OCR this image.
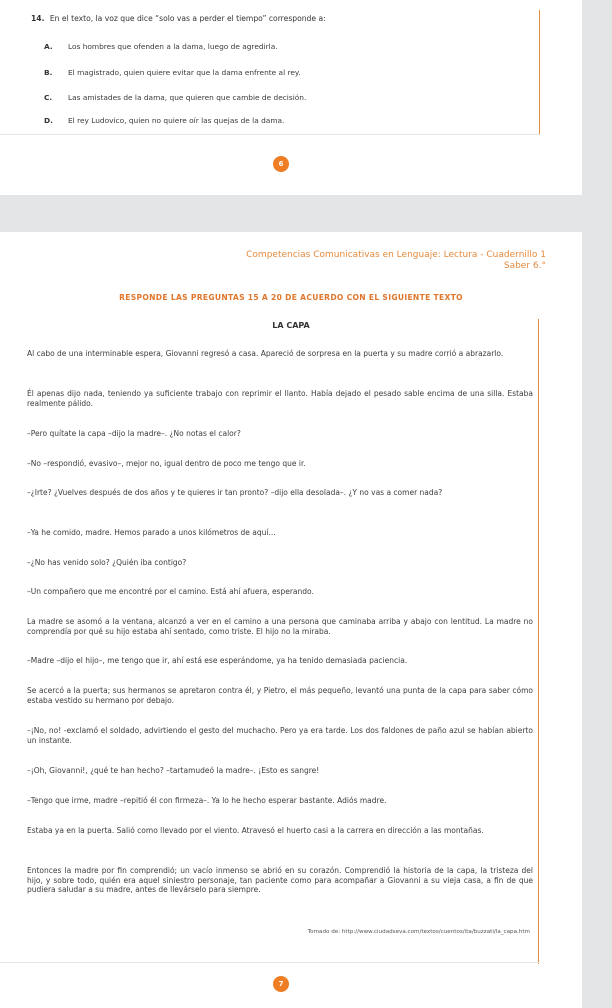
14. En el texto, la voz que dice “solo vas a perder el tiempo” corresponde a:
A. Los hombres que ofenden a la dama, luego de agredirla.
B. El magistrado, quien quiere evitar que la dama enfrente al rey.
C. Las amistades de la dama, que quieren que cambie de decisión.
D. El rey Ludovico, quien no quiere oír las quejas de la dama.
6
Competencias Comunicativas en Lenguaje: Lectura - Cuadernillo 1
Saber 6.°
RESPONDE LAS PREGUNTAS 15 A 20 DE ACUERDO CON EL SIGUIENTE TEXTO
LA CAPA
Al cabo de una interminable espera, Giovanni regresó a casa. Apareció de sorpresa en la puerta y su madre corrió a abrazarlo.
Él apenas dijo nada, teniendo ya suficiente trabajo con reprimir el llanto. Había dejado el pesado sable encima de una silla. Estaba realmente pálido.
–Pero quítate la capa –dijo la madre–. ¿No notas el calor?
–No –respondió, evasivo–, mejor no, igual dentro de poco me tengo que ir.
–¿Irte? ¿Vuelves después de dos años y te quieres ir tan pronto? –dijo ella desolada–. ¿Y no vas a comer nada?
–Ya he comido, madre. Hemos parado a unos kilómetros de aquí...
–¿No has venido solo? ¿Quién iba contigo?
–Un compañero que me encontré por el camino. Está ahí afuera, esperando.
La madre se asomó a la ventana, alcanzó a ver en el camino a una persona que caminaba arriba y abajo con lentitud. La madre no comprendía por qué su hijo estaba ahí sentado, como triste. El hijo no la miraba.
–Madre –dijo el hijo–, me tengo que ir, ahí está ese esperándome, ya ha tenido demasiada paciencia.
Se acercó a la puerta; sus hermanos se apretaron contra él, y Pietro, el más pequeño, levantó una punta de la capa para saber cómo estaba vestido su hermano por debajo.
–¡No, no! -exclamó el soldado, advirtiendo el gesto del muchacho. Pero ya era tarde. Los dos faldones de paño azul se habían abierto un instante.
–¡Oh, Giovanni!, ¿qué te han hecho? –tartamudeó la madre–. ¡Esto es sangre!
–Tengo que irme, madre –repitió él con firmeza–. Ya lo he hecho esperar bastante. Adiós madre.
Estaba ya en la puerta. Salió como llevado por el viento. Atravesó el huerto casi a la carrera en dirección a las montañas.
Entonces la madre por fin comprendió; un vacío inmenso se abrió en su corazón. Comprendió la historia de la capa, la tristeza del hijo, y sobre todo, quién era aquel siniestro personaje, tan paciente como para acompañar a Giovanni a su vieja casa, a fin de que pudiera saludar a su madre, antes de llevárselo para siempre.
Tomado de: http://www.ciudadseva.com/textos/cuentos/ita/buzzati/la_capa.htm
7
